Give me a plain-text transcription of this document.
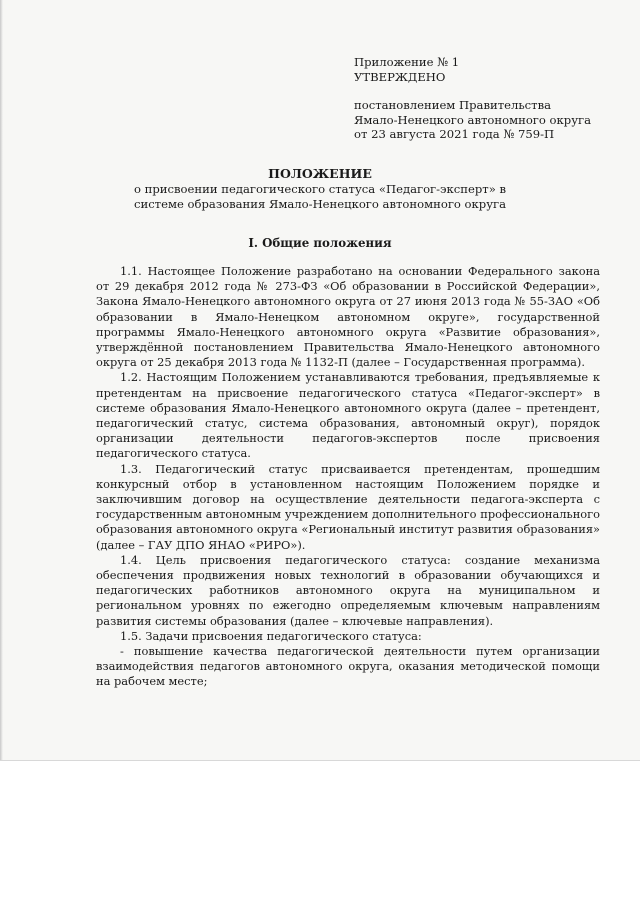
Приложение № 1
УТВЕРЖДЕНО
постановлением Правительства
Ямало-Ненецкого автономного округа
от 23 августа 2021 года № 759-П
ПОЛОЖЕНИЕ
о присвоении педагогического статуса «Педагог-эксперт» в системе образования Ямало-Ненецкого автономного округа
I. Общие положения

1.1. Настоящее Положение разработано на основании Федерального закона от 29 декабря 2012 года № 273-ФЗ «Об образовании в Российской Федерации», Закона Ямало-Ненецкого автономного округа от 27 июня 2013 года № 55-ЗАО «Об образовании в Ямало-Ненецком автономном округе», государственной программы Ямало-Ненецкого автономного округа «Развитие образования», утверждённой постановлением Правительства Ямало-Ненецкого автономного округа от 25 декабря 2013 года № 1132-П (далее – Государственная программа).

1.2. Настоящим Положением устанавливаются требования, предъявляемые к претендентам на присвоение педагогического статуса «Педагог-эксперт» в системе образования Ямало-Ненецкого автономного округа (далее – претендент, педагогический статус, система образования, автономный округ), порядок организации деятельности педагогов-экспертов после присвоения педагогического статуса.

1.3. Педагогический статус присваивается претендентам, прошедшим конкурсный отбор в установленном настоящим Положением порядке и заключившим договор на осуществление деятельности педагога-эксперта с государственным автономным учреждением дополнительного профессионального образования автономного округа «Региональный институт развития образования» (далее – ГАУ ДПО ЯНАО «РИРО»).

1.4. Цель присвоения педагогического статуса: создание механизма обеспечения продвижения новых технологий в образовании обучающихся и педагогических работников автономного округа на муниципальном и региональном уровнях по ежегодно определяемым ключевым направлениям развития системы образования (далее – ключевые направления).

1.5. Задачи присвоения педагогического статуса:

- повышение качества педагогической деятельности путем организации взаимодействия педагогов автономного округа, оказания методической помощи на рабочем месте;
